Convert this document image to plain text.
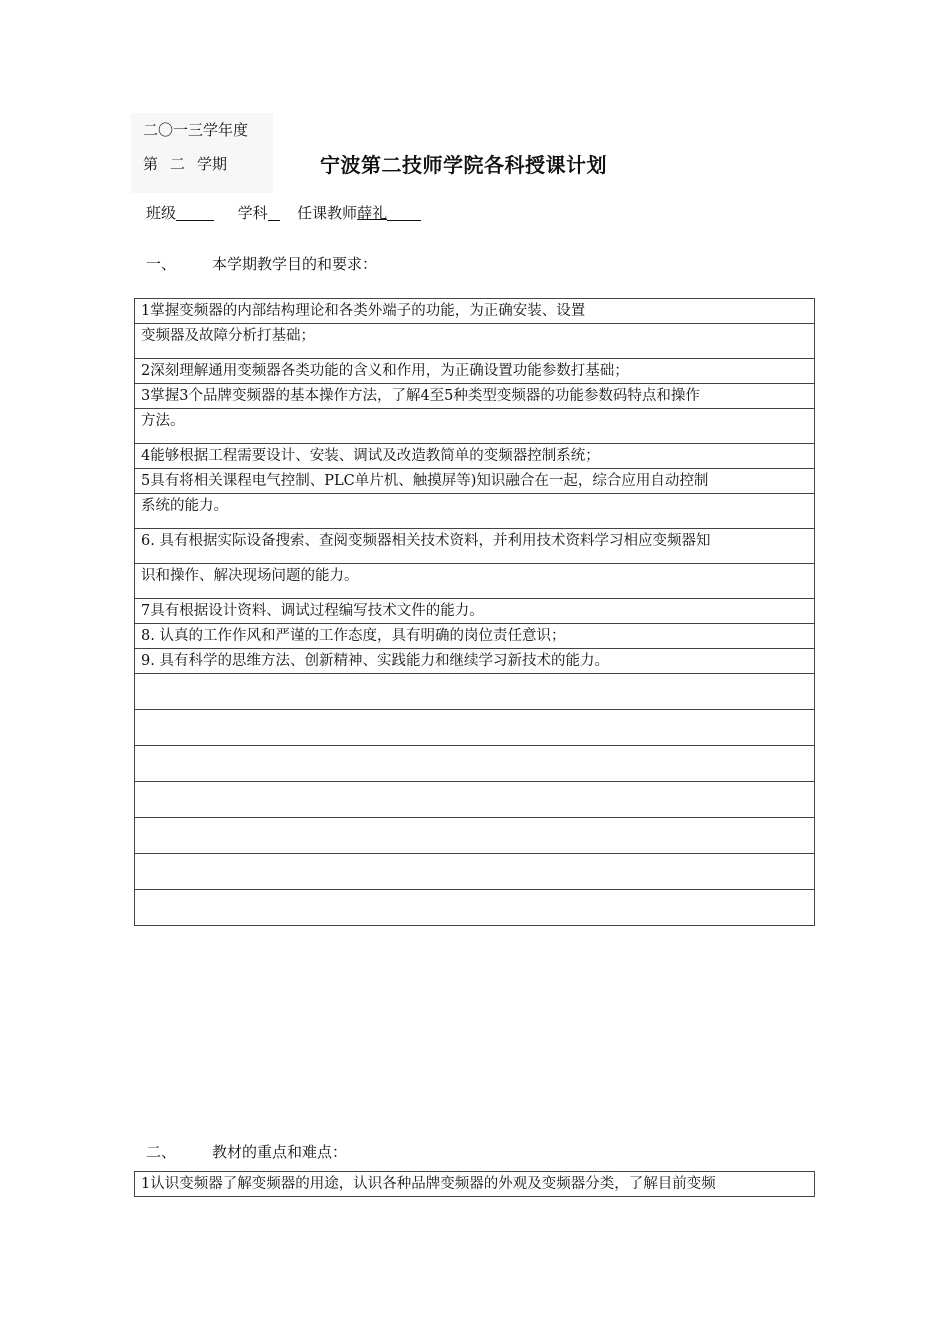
二〇一三学年度
第 二 学期	宁波第二技师学院各科授课计划
班级	学科 任课教师薛礼
一、 本学期教学目的和要求：
1掌握变频器的内部结构理论和各类外端子的功能，为正确安装、设置
变频器及故障分析打基础；
2深刻理解通用变频器各类功能的含义和作用，为正确设置功能参数打基础；
3掌握3个品牌变频器的基本操作方法，了解4至5种类型变频器的功能参数码特点和操作
方法。
4能够根据工程需要设计、安装、调试及改造教简单的变频器控制系统；
5具有将相关课程电气控制、PLC单片机、触摸屏等)知识融合在一起，综合应用自动控制
系统的能力。
6. 具有根据实际设备搜索、查阅变频器相关技术资料，并利用技术资料学习相应变频器知
识和操作、解决现场问题的能力。
7具有根据设计资料、调试过程编写技术文件的能力。
8. 认真的工作作风和严谨的工作态度，具有明确的岗位责任意识；
9. 具有科学的思维方法、创新精神、实践能力和继续学习新技术的能力。

二、 教材的重点和难点：
1认识变频器了解变频器的用途，认识各种品牌变频器的外观及变频器分类，了解目前变频
